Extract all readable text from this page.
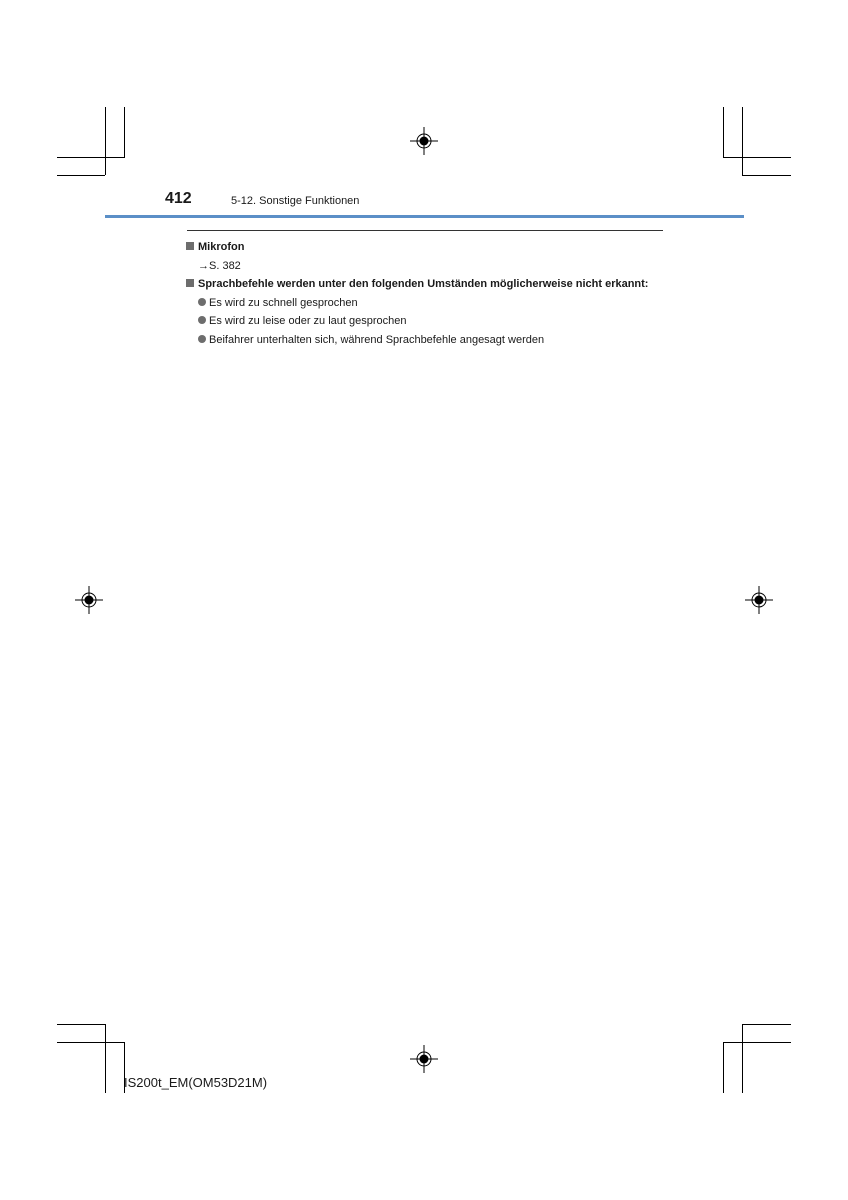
412	5-12. Sonstige Funktionen
Mikrofon
→S. 382
Sprachbefehle werden unter den folgenden Umständen möglicherweise nicht erkannt:
Es wird zu schnell gesprochen
Es wird zu leise oder zu laut gesprochen
Beifahrer unterhalten sich, während Sprachbefehle angesagt werden
IS200t_EM(OM53D21M)
